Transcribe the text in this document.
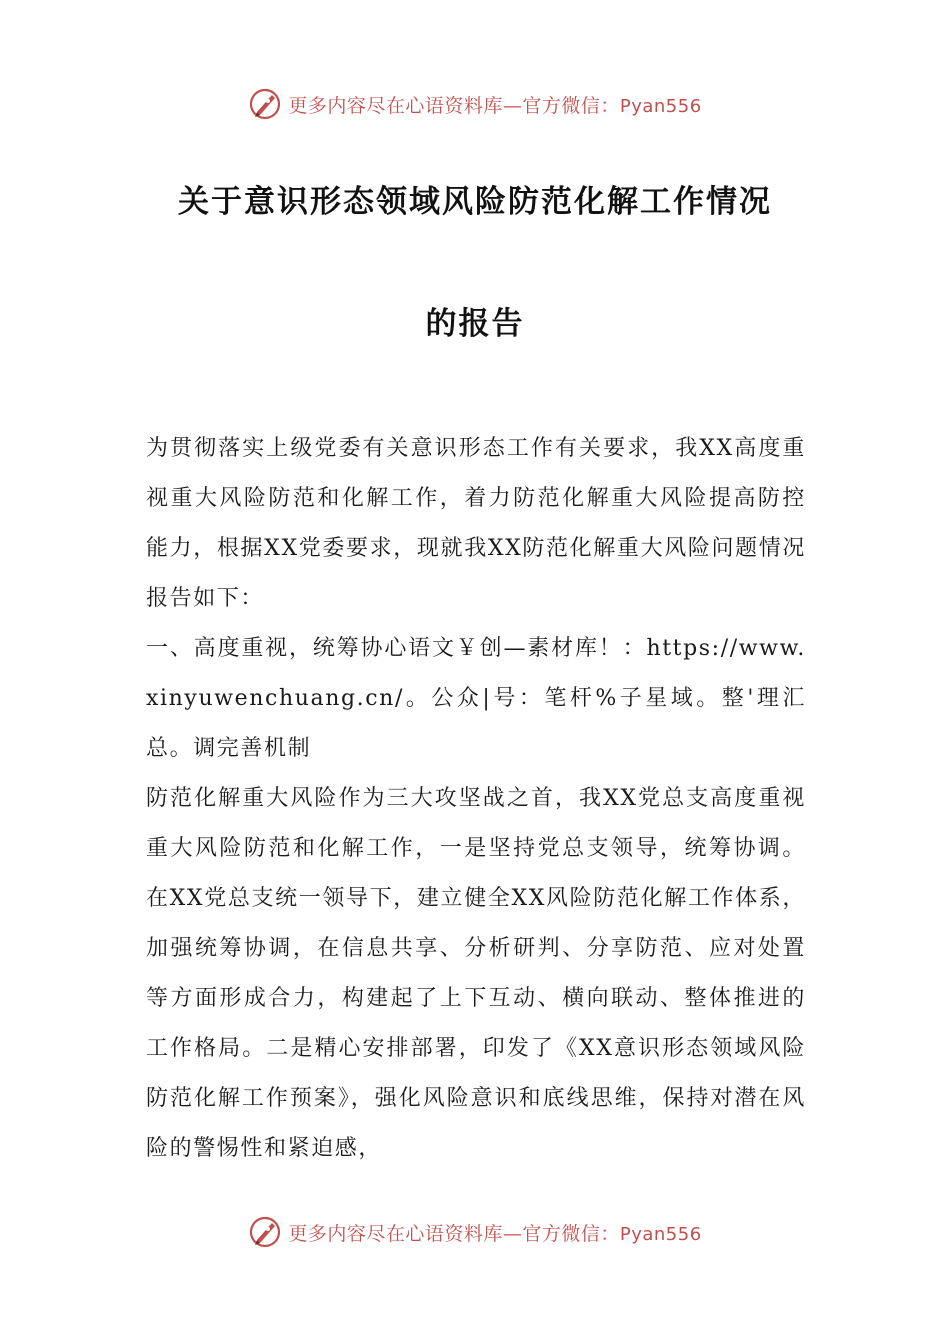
更多内容尽在心语资料库—官方微信：Pyan556
关于意识形态领域风险防范化解工作情况
的报告

为贯彻落实上级党委有关意识形态工作有关要求，我XX高度重视重大风险防范和化解工作，着力防范化解重大风险提高防控能力，根据XX党委要求，现就我XX防范化解重大风险问题情况报告如下：

一、高度重视，统筹协心语文￥创—素材库！：https://www.xinyuwenchuang.cn/。公众|号：笔杆%子星域。整'理汇总。调完善机制

防范化解重大风险作为三大攻坚战之首，我XX党总支高度重视重大风险防范和化解工作，一是坚持党总支领导，统筹协调。在XX党总支统一领导下，建立健全XX风险防范化解工作体系，加强统筹协调，在信息共享、分析研判、分享防范、应对处置等方面形成合力，构建起了上下互动、横向联动、整体推进的工作格局。二是精心安排部署，印发了《XX意识形态领域风险防范化解工作预案》，强化风险意识和底线思维，保持对潜在风险的警惕性和紧迫感，

更多内容尽在心语资料库—官方微信：Pyan556
